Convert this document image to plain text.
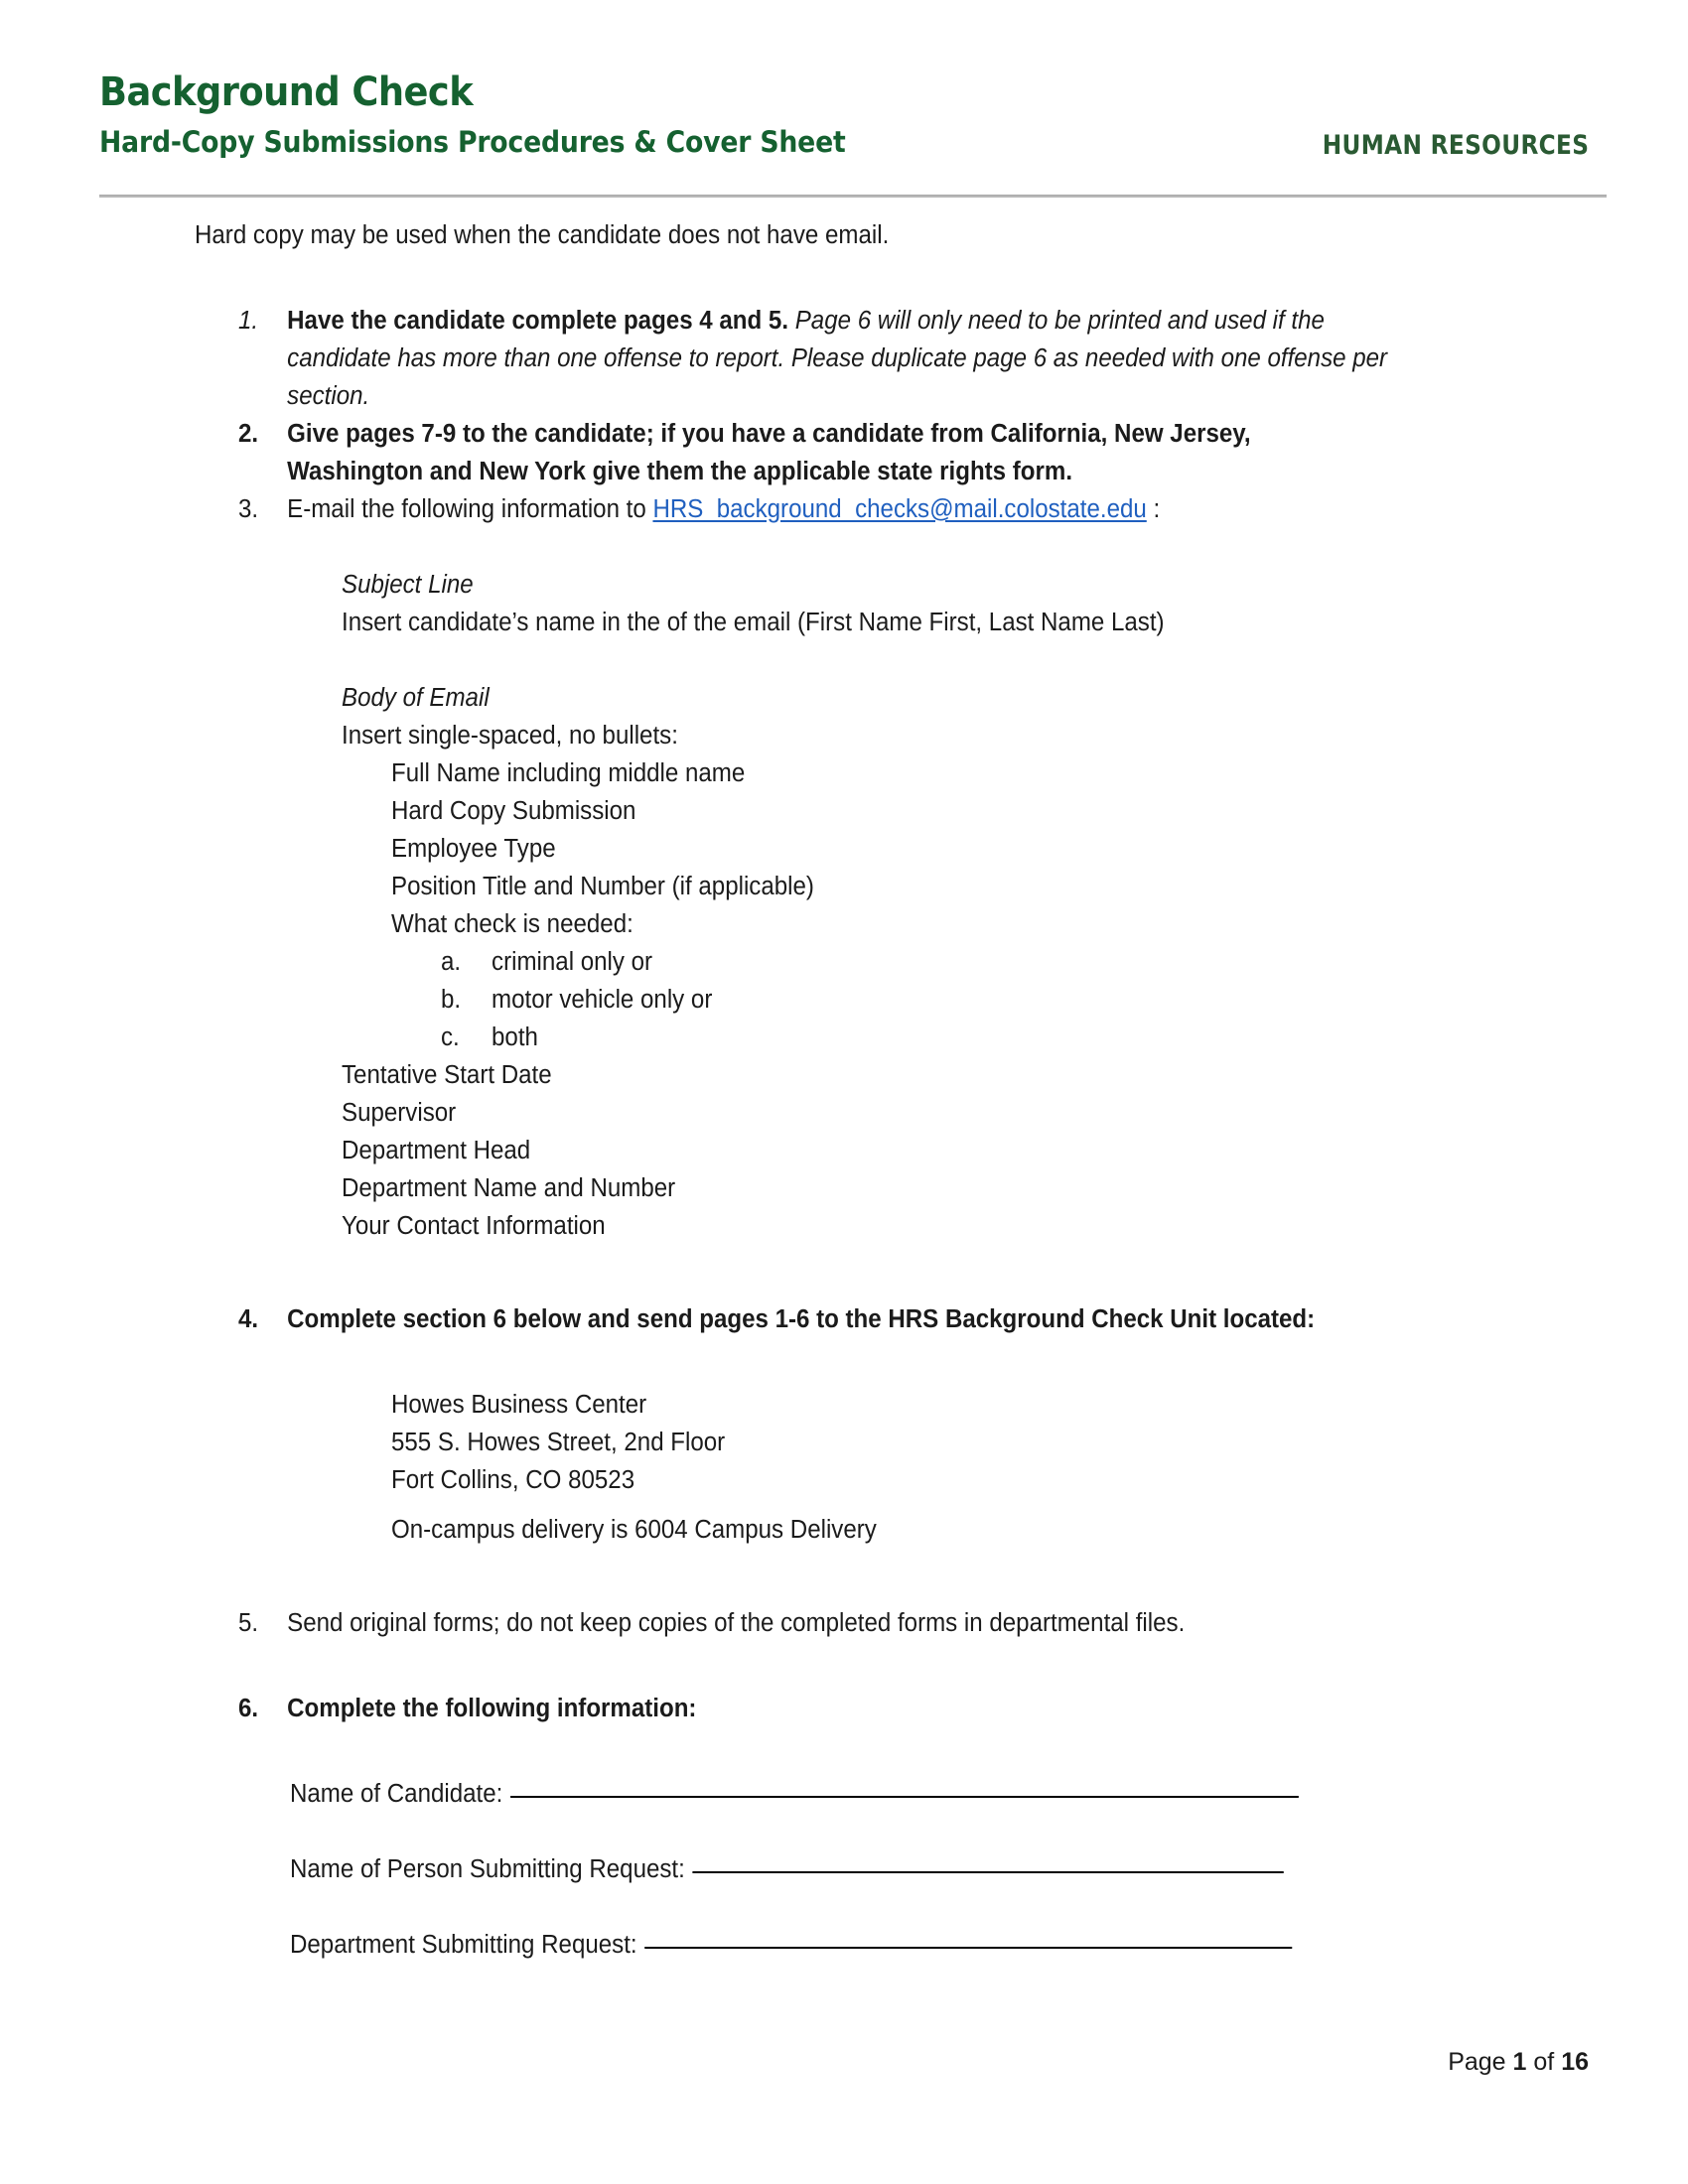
Background Check
Hard-Copy Submissions Procedures & Cover Sheet	HUMAN RESOURCES
Hard copy may be used when the candidate does not have email.
1.	Have the candidate complete pages 4 and 5. Page 6 will only need to be printed and used if the candidate has more than one offense to report. Please duplicate page 6 as needed with one offense per section.
2.	Give pages 7-9 to the candidate; if you have a candidate from California, New Jersey, Washington and New York give them the applicable state rights form.
3.	E-mail the following information to HRS_background_checks@mail.colostate.edu :
Subject Line
Insert candidate’s name in the of the email (First Name First, Last Name Last)
Body of Email
Insert single-spaced, no bullets:
Full Name including middle name
Hard Copy Submission
Employee Type
Position Title and Number (if applicable)
What check is needed:
a.	criminal only or
b.	motor vehicle only or
c.	both
Tentative Start Date
Supervisor
Department Head
Department Name and Number
Your Contact Information
4.	Complete section 6 below and send pages 1-6 to the HRS Background Check Unit located:
Howes Business Center
555 S. Howes Street, 2nd Floor
Fort Collins, CO 80523
On-campus delivery is 6004 Campus Delivery
5.	Send original forms; do not keep copies of the completed forms in departmental files.
6.	Complete the following information:
Name of Candidate:
Name of Person Submitting Request:
Department Submitting Request:
Page 1 of 16
